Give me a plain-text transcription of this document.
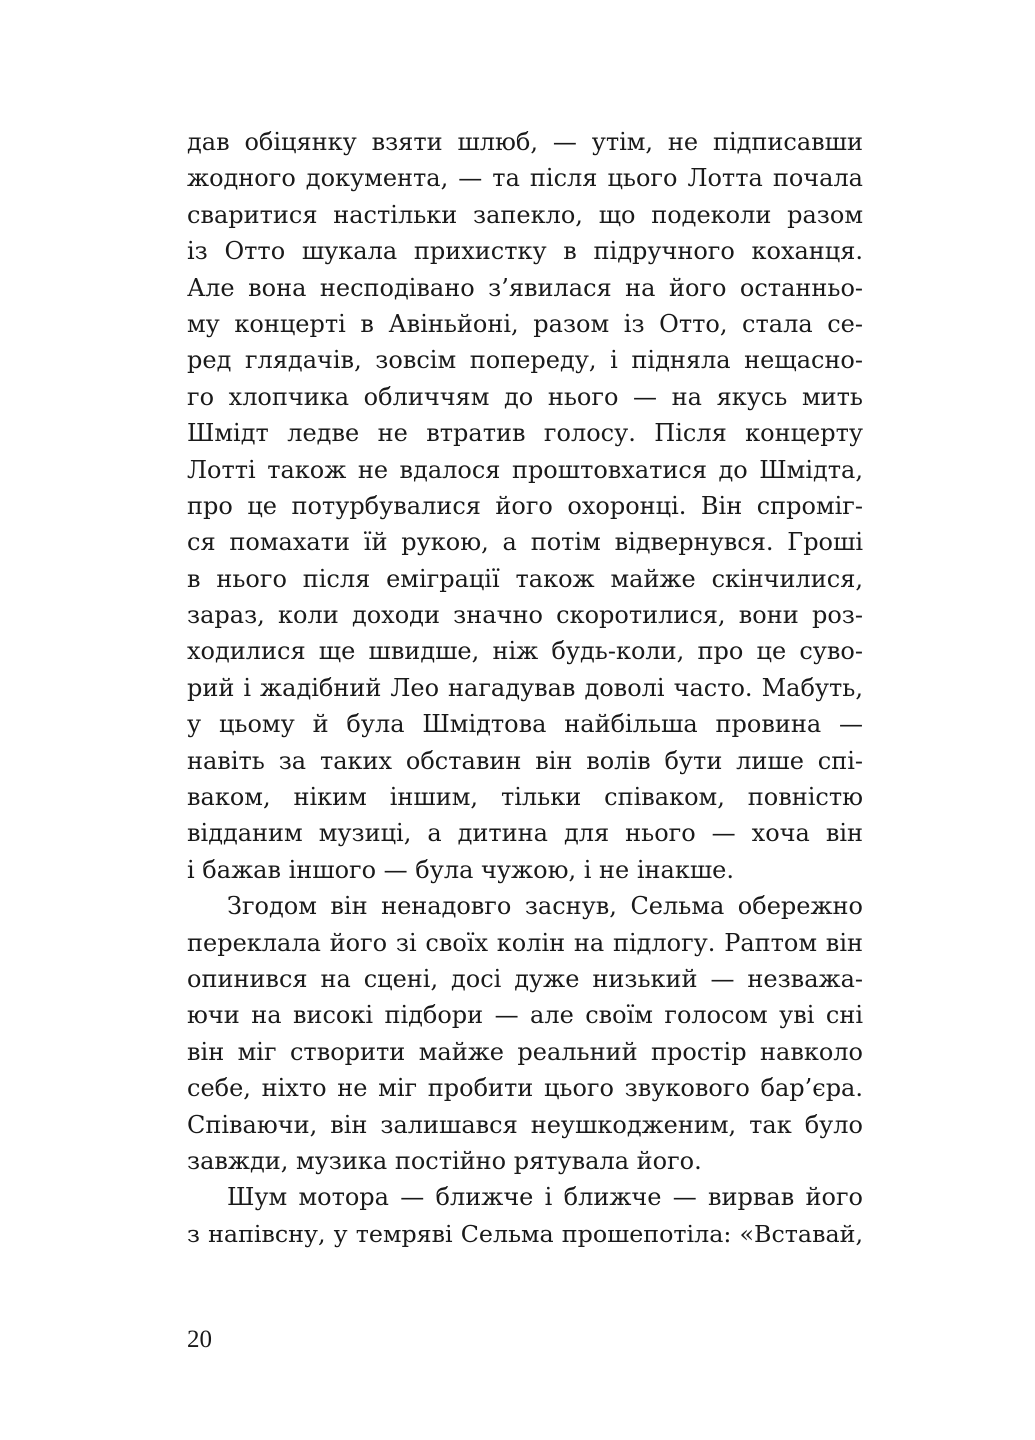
дав обіцянку взяти шлюб, — утім, не підписавши
жодного документа, — та після цього Лотта почала
сваритися настільки запекло, що подеколи разом
із Отто шукала прихистку в підручного коханця.
Але вона несподівано з’явилася на його останньо-
му концерті в Авіньйоні, разом із Отто, стала се-
ред глядачів, зовсім попереду, і підняла нещасно-
го хлопчика обличчям до нього — на якусь мить
Шмідт ледве не втратив голосу. Після концерту
Лотті також не вдалося проштовхатися до Шмідта,
про це потурбувалися його охоронці. Він спроміг-
ся помахати їй рукою, а потім відвернувся. Гроші
в нього після еміграції також майже скінчилися,
зараз, коли доходи значно скоротилися, вони роз-
ходилися ще швидше, ніж будь-коли, про це суво-
рий і жадібний Лео нагадував доволі часто. Мабуть,
у цьому й була Шмідтова найбільша провина —
навіть за таких обставин він волів бути лише спі-
ваком, ніким іншим, тільки співаком, повністю
відданим музиці, а дитина для нього — хоча він
і бажав іншого — була чужою, і не інакше.
Згодом він ненадовго заснув, Сельма обережно
переклала його зі своїх колін на підлогу. Раптом він
опинився на сцені, досі дуже низький — незважа-
ючи на високі підбори — але своїм голосом уві сні
він міг створити майже реальний простір навколо
себе, ніхто не міг пробити цього звукового бар’єра.
Співаючи, він залишався неушкодженим, так було
завжди, музика постійно рятувала його.
Шум мотора — ближче і ближче — вирвав його
з напівсну, у темряві Сельма прошепотіла: «Вставай,
20
